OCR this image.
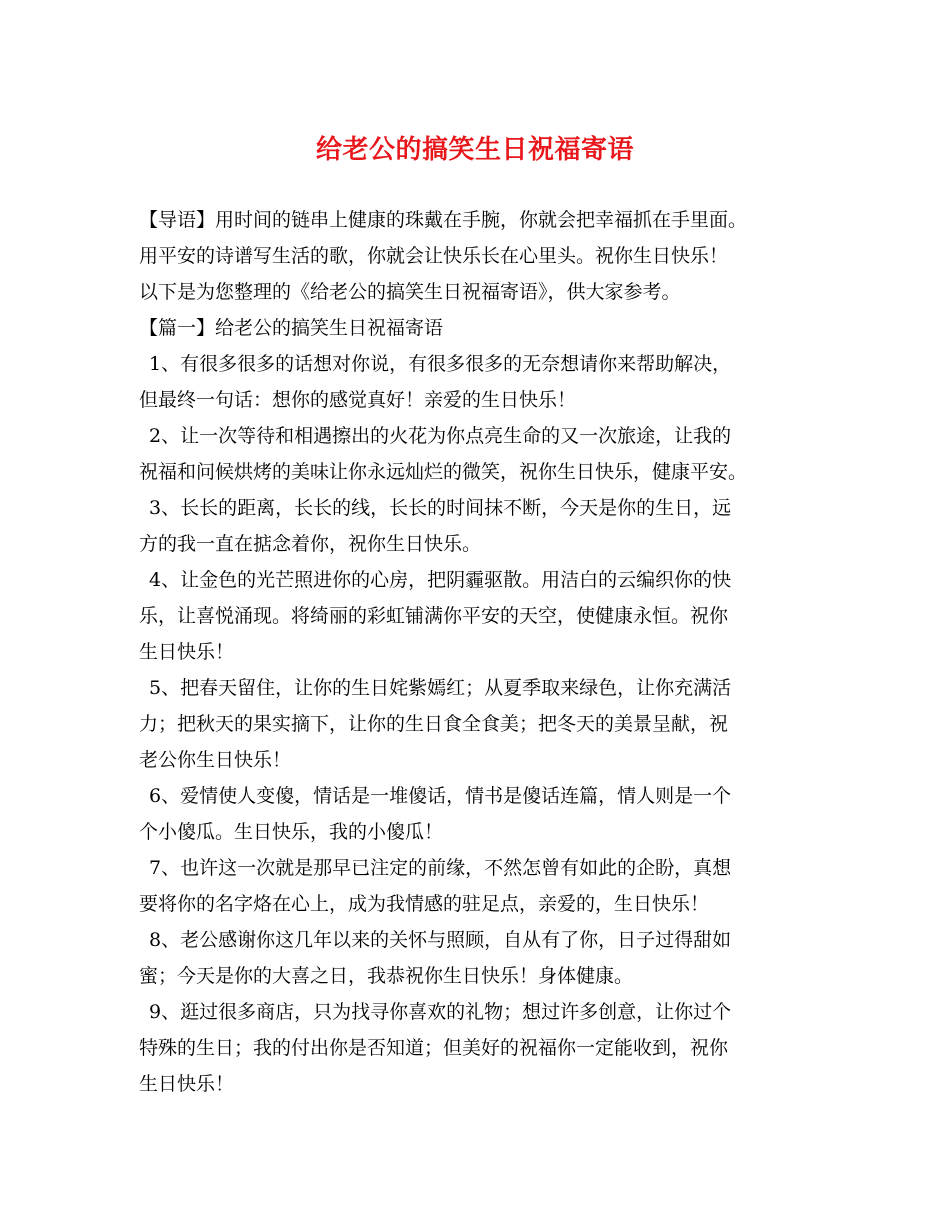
给老公的搞笑生日祝福寄语
【导语】用时间的链串上健康的珠戴在手腕，你就会把幸福抓在手里面。
用平安的诗谱写生活的歌，你就会让快乐长在心里头。祝你生日快乐！
以下是为您整理的《给老公的搞笑生日祝福寄语》，供大家参考。
【篇一】给老公的搞笑生日祝福寄语
1、有很多很多的话想对你说，有很多很多的无奈想请你来帮助解决，
但最终一句话：想你的感觉真好！亲爱的生日快乐！
2、让一次等待和相遇擦出的火花为你点亮生命的又一次旅途，让我的
祝福和问候烘烤的美味让你永远灿烂的微笑，祝你生日快乐，健康平安。
3、长长的距离，长长的线，长长的时间抹不断，今天是你的生日，远
方的我一直在掂念着你，祝你生日快乐。
4、让金色的光芒照进你的心房，把阴霾驱散。用洁白的云编织你的快
乐，让喜悦涌现。将绮丽的彩虹铺满你平安的天空，使健康永恒。祝你
生日快乐！
5、把春天留住，让你的生日姹紫嫣红；从夏季取来绿色，让你充满活
力；把秋天的果实摘下，让你的生日食全食美；把冬天的美景呈献，祝
老公你生日快乐！
6、爱情使人变傻，情话是一堆傻话，情书是傻话连篇，情人则是一个
个小傻瓜。生日快乐，我的小傻瓜！
7、也许这一次就是那早已注定的前缘，不然怎曾有如此的企盼，真想
要将你的名字烙在心上，成为我情感的驻足点，亲爱的，生日快乐！
8、老公感谢你这几年以来的关怀与照顾，自从有了你，日子过得甜如
蜜；今天是你的大喜之日，我恭祝你生日快乐！身体健康。
9、逛过很多商店，只为找寻你喜欢的礼物；想过许多创意，让你过个
特殊的生日；我的付出你是否知道；但美好的祝福你一定能收到，祝你
生日快乐！
